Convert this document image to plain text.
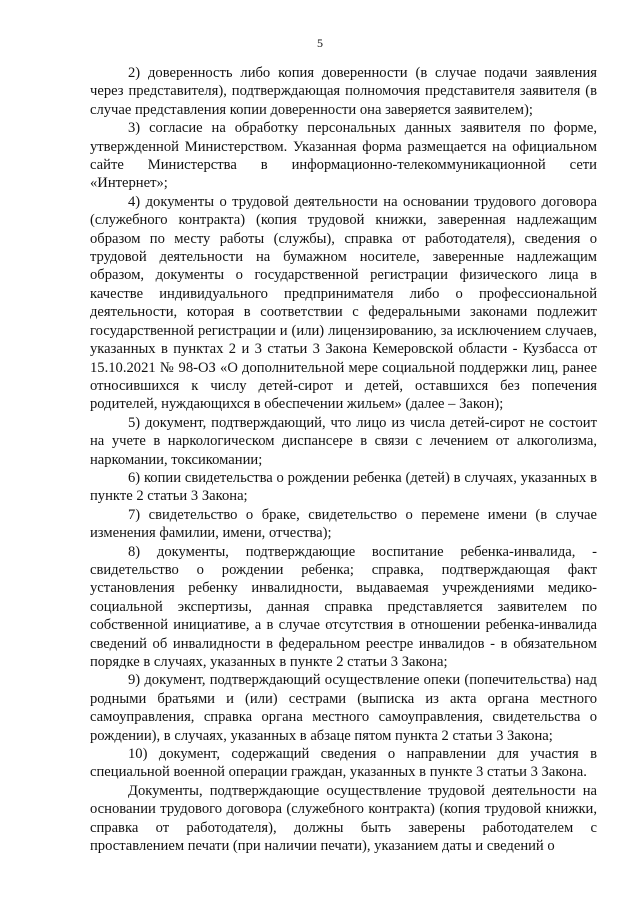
5

2) доверенность либо копия доверенности (в случае подачи заявления через представителя), подтверждающая полномочия представителя заявителя (в случае представления копии доверенности она заверяется заявителем);

3) согласие на обработку персональных данных заявителя по форме, утвержденной Министерством. Указанная форма размещается на официальном сайте Министерства в информационно-телекоммуникационной сети «Интернет»;

4) документы о трудовой деятельности на основании трудового договора (служебного контракта) (копия трудовой книжки, заверенная надлежащим образом по месту работы (службы), справка от работодателя), сведения о трудовой деятельности на бумажном носителе, заверенные надлежащим образом, документы о государственной регистрации физического лица в качестве индивидуального предпринимателя либо о профессиональной деятельности, которая в соответствии с федеральными законами подлежит государственной регистрации и (или) лицензированию, за исключением случаев, указанных в пунктах 2 и 3 статьи 3 Закона Кемеровской области - Кузбасса от 15.10.2021 № 98-ОЗ «О дополнительной мере социальной поддержки лиц, ранее относившихся к числу детей-сирот и детей, оставшихся без попечения родителей, нуждающихся в обеспечении жильем» (далее – Закон);

5) документ, подтверждающий, что лицо из числа детей-сирот не состоит на учете в наркологическом диспансере в связи с лечением от алкоголизма, наркомании, токсикомании;

6) копии свидетельства о рождении ребенка (детей) в случаях, указанных в пункте 2 статьи 3 Закона;

7) свидетельство о браке, свидетельство о перемене имени (в случае изменения фамилии, имени, отчества);

8) документы, подтверждающие воспитание ребенка-инвалида, - свидетельство о рождении ребенка; справка, подтверждающая факт установления ребенку инвалидности, выдаваемая учреждениями медико-социальной экспертизы, данная справка представляется заявителем по собственной инициативе, а в случае отсутствия в отношении ребенка-инвалида сведений об инвалидности в федеральном реестре инвалидов - в обязательном порядке в случаях, указанных в пункте 2 статьи 3 Закона;

9) документ, подтверждающий осуществление опеки (попечительства) над родными братьями и (или) сестрами (выписка из акта органа местного самоуправления, справка органа местного самоуправления, свидетельства о рождении), в случаях, указанных в абзаце пятом пункта 2 статьи 3 Закона;

10) документ, содержащий сведения о направлении для участия в специальной военной операции граждан, указанных в пункте 3 статьи 3 Закона.

Документы, подтверждающие осуществление трудовой деятельности на основании трудового договора (служебного контракта) (копия трудовой книжки, справка от работодателя), должны быть заверены работодателем с проставлением печати (при наличии печати), указанием даты и сведений о
